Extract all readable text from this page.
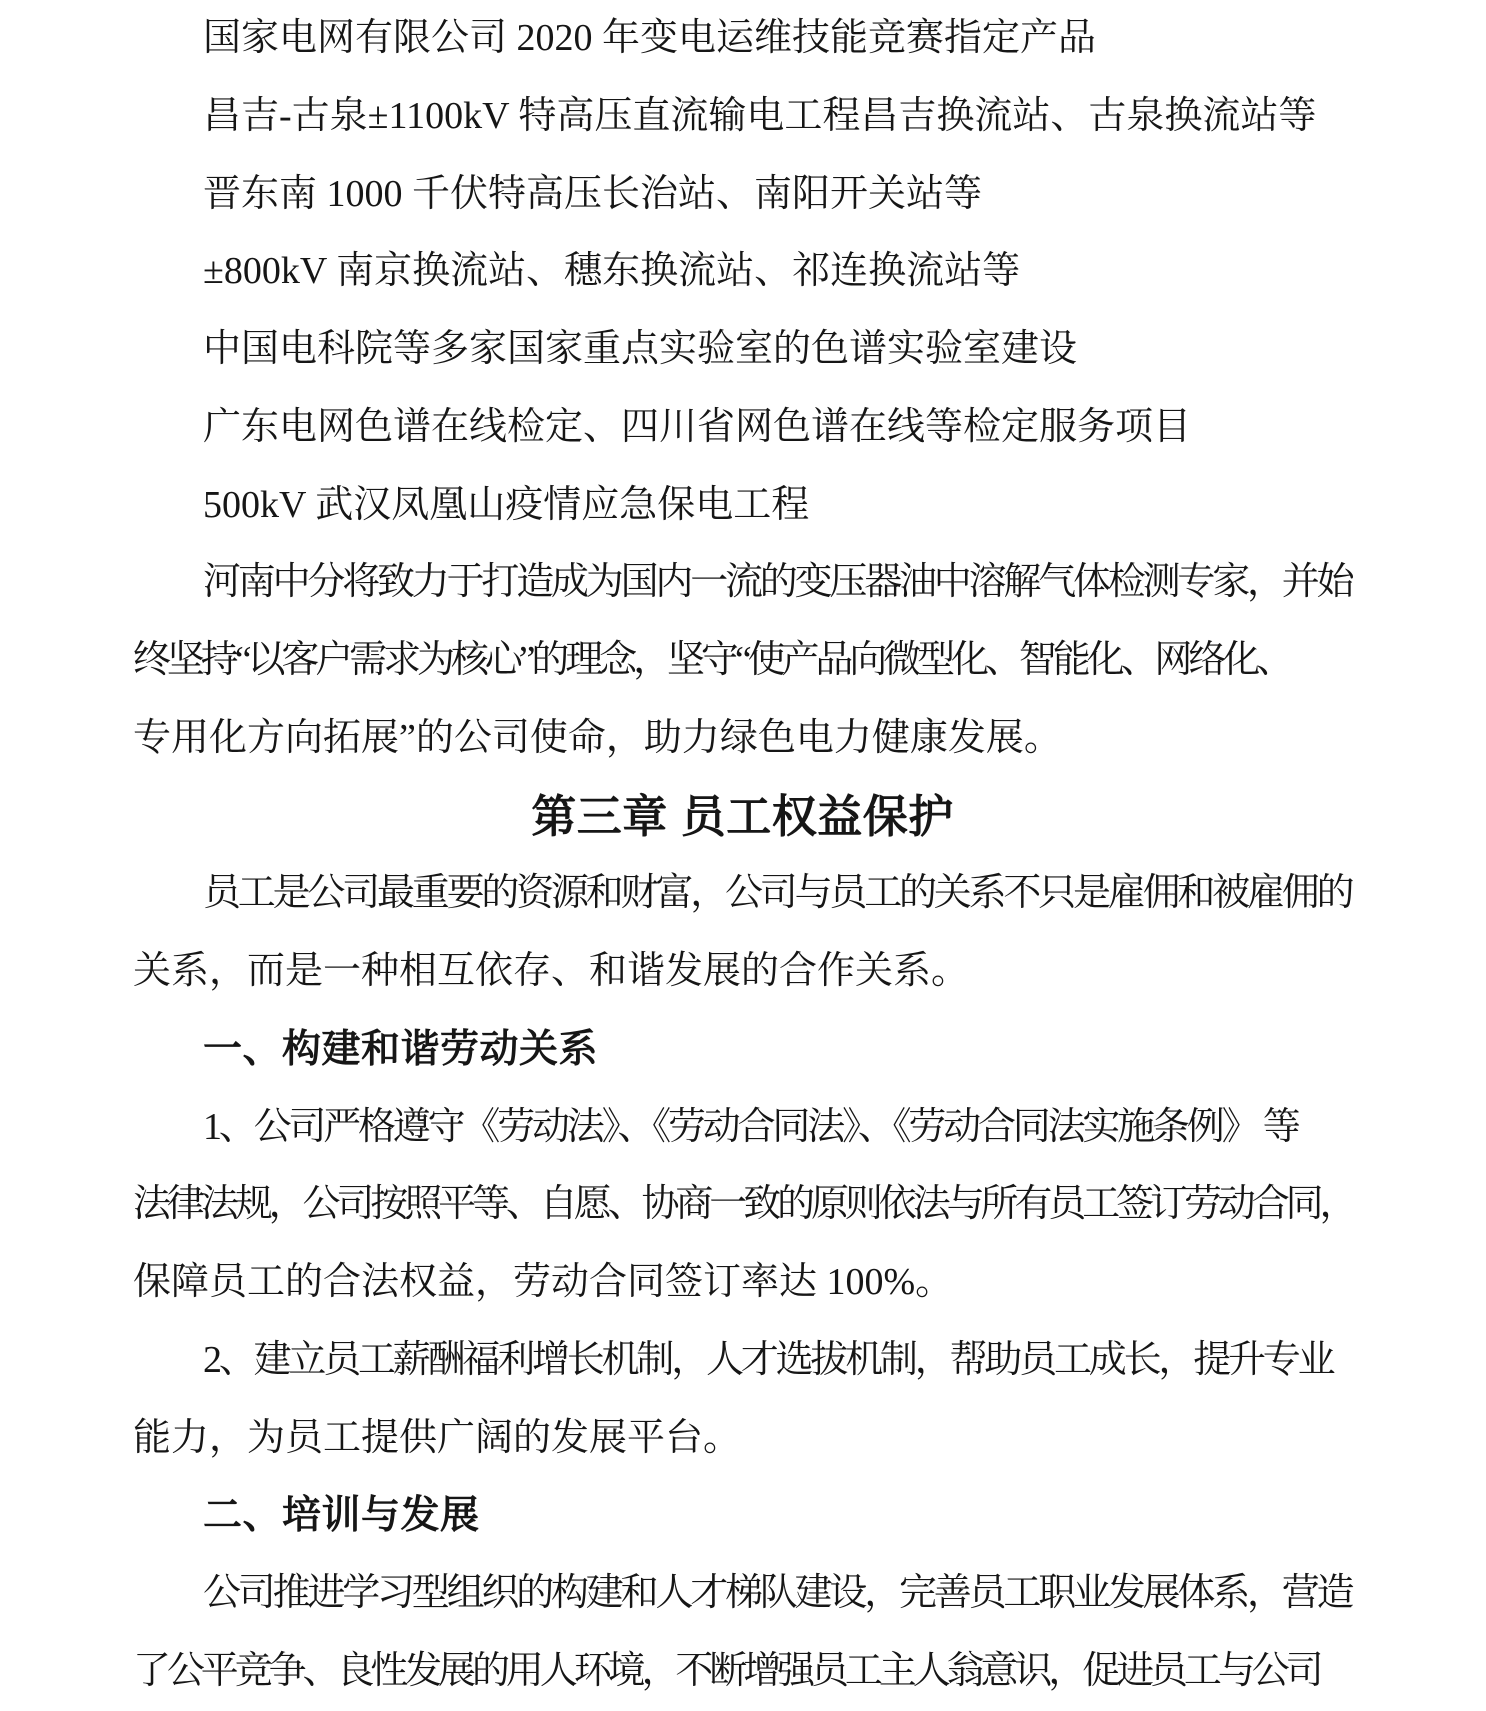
国家电网有限公司 2020 年变电运维技能竞赛指定产品
昌吉-古泉±1100kV 特高压直流输电工程昌吉换流站、古泉换流站等
晋东南 1000 千伏特高压长治站、南阳开关站等
±800kV 南京换流站、穗东换流站、祁连换流站等
中国电科院等多家国家重点实验室的色谱实验室建设
广东电网色谱在线检定、四川省网色谱在线等检定服务项目
500kV 武汉凤凰山疫情应急保电工程
河南中分将致力于打造成为国内一流的变压器油中溶解气体检测专家，并始
终坚持“以客户需求为核心”的理念，坚守“使产品向微型化、智能化、网络化、
专用化方向拓展”的公司使命，助力绿色电力健康发展。
第三章 员工权益保护
员工是公司最重要的资源和财富，公司与员工的关系不只是雇佣和被雇佣的
关系，而是一种相互依存、和谐发展的合作关系。
一、构建和谐劳动关系
1、公司严格遵守《劳动法》、《劳动合同法》、《劳动合同法实施条例》 等
法律法规，公司按照平等、自愿、协商一致的原则依法与所有员工签订劳动合同，
保障员工的合法权益，劳动合同签订率达 100%。
2、建立员工薪酬福利增长机制，人才选拔机制，帮助员工成长，提升专业
能力，为员工提供广阔的发展平台。
二、培训与发展
公司推进学习型组织的构建和人才梯队建设，完善员工职业发展体系，营造
了公平竞争、良性发展的用人环境，不断增强员工主人翁意识，促进员工与公司
